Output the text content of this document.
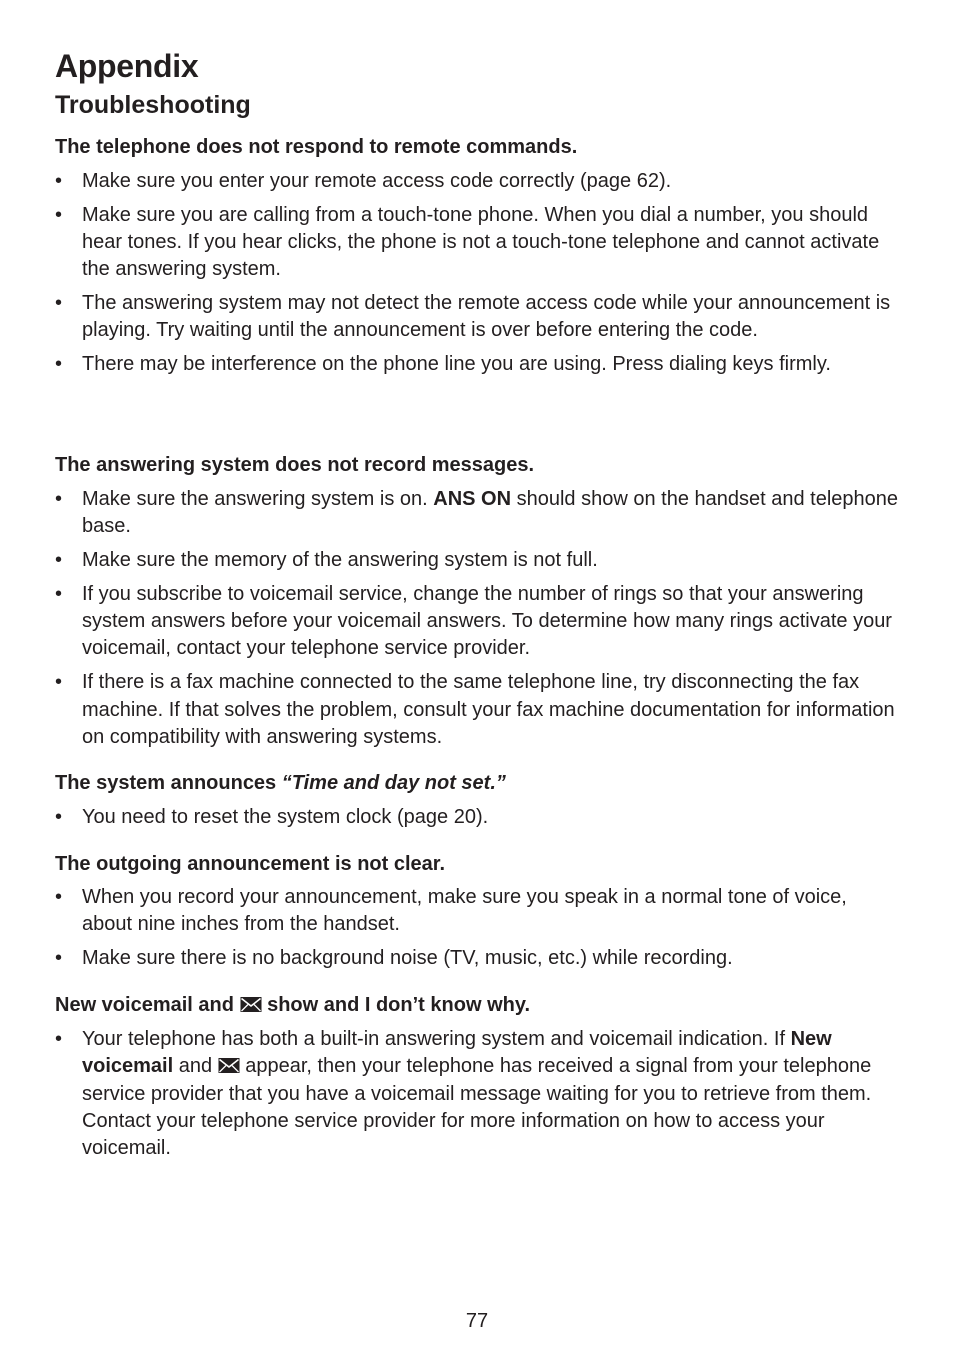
Appendix
Troubleshooting
The telephone does not respond to remote commands.
• Make sure you enter your remote access code correctly (page 62).
• Make sure you are calling from a touch-tone phone. When you dial a number, you should hear tones. If you hear clicks, the phone is not a touch-tone telephone and cannot activate the answering system.
• The answering system may not detect the remote access code while your announcement is playing. Try waiting until the announcement is over before entering the code.
• There may be interference on the phone line you are using. Press dialing keys firmly.
The answering system does not record messages.
• Make sure the answering system is on. ANS ON should show on the handset and telephone base.
• Make sure the memory of the answering system is not full.
• If you subscribe to voicemail service, change the number of rings so that your answering system answers before your voicemail answers. To determine how many rings activate your voicemail, contact your telephone service provider.
• If there is a fax machine connected to the same telephone line, try disconnecting the fax machine. If that solves the problem, consult your fax machine documentation for information on compatibility with answering systems.
The system announces “Time and day not set.”
• You need to reset the system clock (page 20).
The outgoing announcement is not clear.
• When you record your announcement, make sure you speak in a normal tone of voice, about nine inches from the handset.
• Make sure there is no background noise (TV, music, etc.) while recording.
New voicemail and  show and I don’t know why.
• Your telephone has both a built-in answering system and voicemail indication. If New voicemail and  appear, then your telephone has received a signal from your telephone service provider that you have a voicemail message waiting for you to retrieve from them. Contact your telephone service provider for more information on how to access your voicemail.
77
